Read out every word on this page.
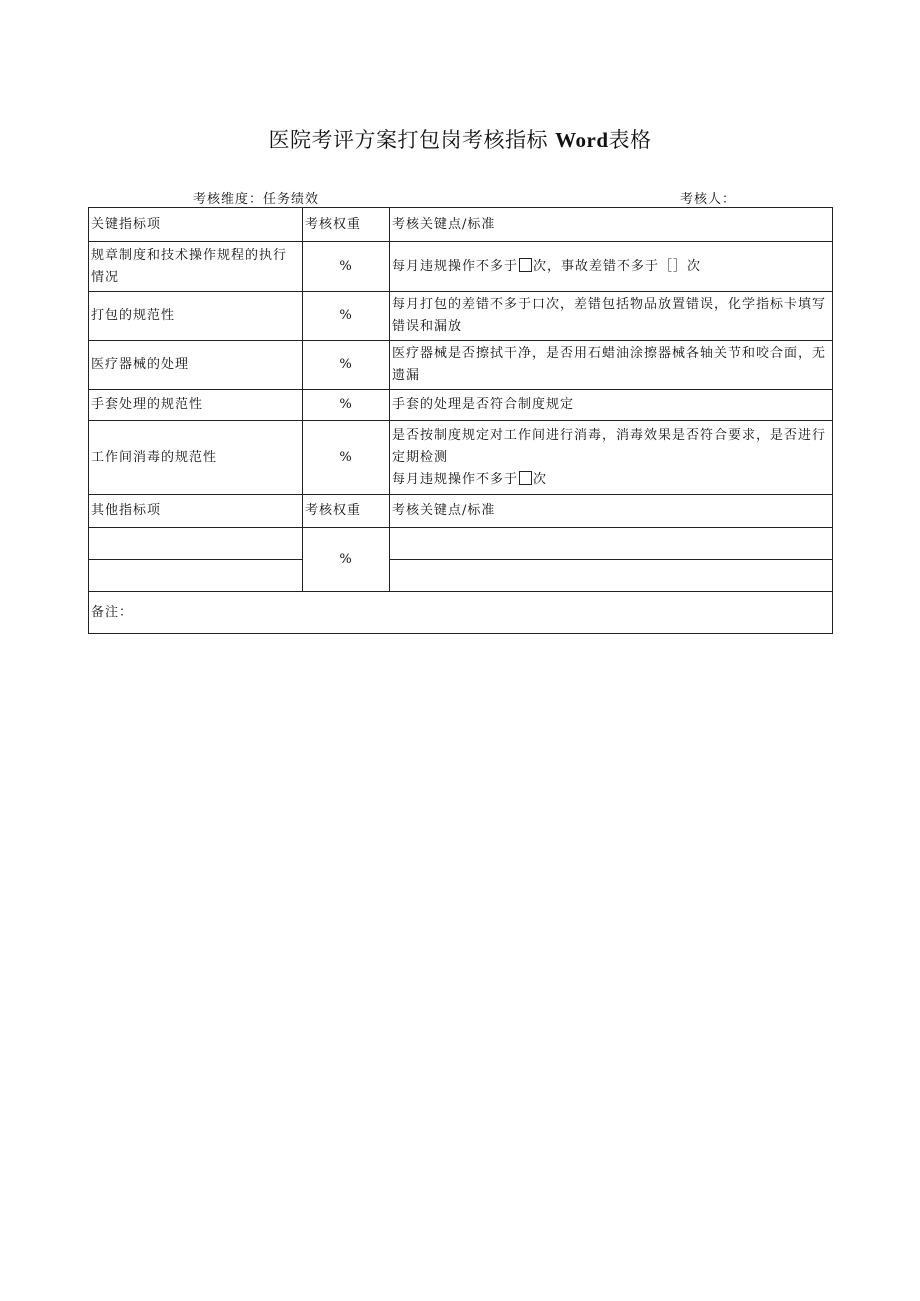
医院考评方案打包岗考核指标 Word表格
考核维度：任务绩效	考核人：
关键指标项	考核权重	考核关键点/标准
规章制度和技术操作规程的执行情况	%	每月违规操作不多于 次，事故差错不多于［］次
打包的规范性	%	每月打包的差错不多于口次，差错包括物品放置错误，化学指标卡填写错误和漏放
医疗器械的处理	%	医疗器械是否擦拭干净，是否用石蜡油涂擦器械各轴关节和咬合面，无遗漏
手套处理的规范性	%	手套的处理是否符合制度规定
工作间消毒的规范性	%	是否按制度规定对工作间进行消毒，消毒效果是否符合要求，是否进行定期检测
每月违规操作不多于 次
其他指标项	考核权重	考核关键点/标准
	%	

备注：		
